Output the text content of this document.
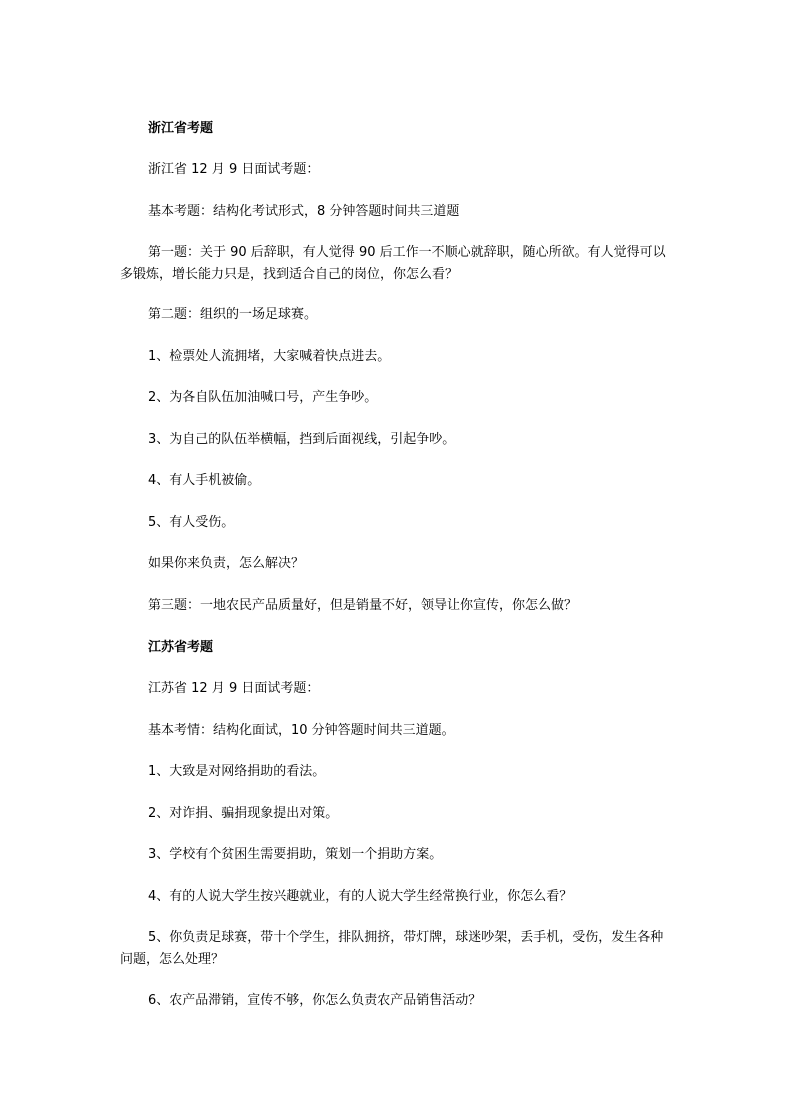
浙江省考题

浙江省 12 月 9 日面试考题：

基本考题：结构化考试形式，8 分钟答题时间共三道题

第一题：关于 90 后辞职，有人觉得 90 后工作一不顺心就辞职，随心所欲。有人觉得可以多锻炼，增长能力只是，找到适合自己的岗位，你怎么看？

第二题：组织的一场足球赛。

1、检票处人流拥堵，大家喊着快点进去。

2、为各自队伍加油喊口号，产生争吵。

3、为自己的队伍举横幅，挡到后面视线，引起争吵。

4、有人手机被偷。

5、有人受伤。

如果你来负责，怎么解决？

第三题：一地农民产品质量好，但是销量不好，领导让你宣传，你怎么做？

江苏省考题

江苏省 12 月 9 日面试考题：

基本考情：结构化面试，10 分钟答题时间共三道题。

1、大致是对网络捐助的看法。

2、对诈捐、骗捐现象提出对策。

3、学校有个贫困生需要捐助，策划一个捐助方案。

4、有的人说大学生按兴趣就业，有的人说大学生经常换行业，你怎么看？

5、你负责足球赛，带十个学生，排队拥挤，带灯牌，球迷吵架，丢手机，受伤，发生各种问题，怎么处理？

6、农产品滞销，宣传不够，你怎么负责农产品销售活动？
